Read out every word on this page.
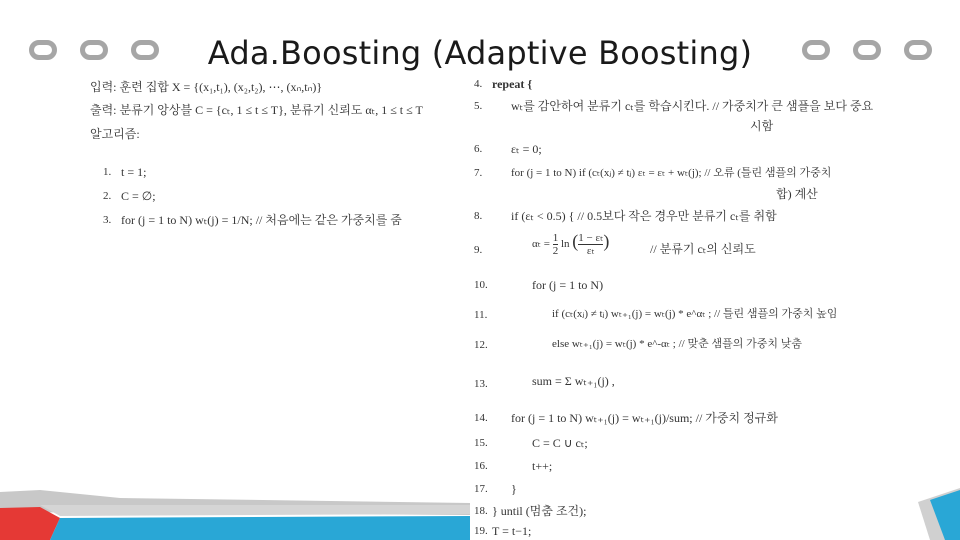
Ada.Boosting (Adaptive Boosting)
입력: 훈련 집합 X = {(x₁,t₁), (x₂,t₂), ⋯, (xₙ,tₙ)}
출력: 분류기 앙상블 C = {cₜ, 1 ≤ t ≤ T}, 분류기 신뢰도 αₜ, 1 ≤ t ≤ T
알고리즘:
1. t = 1;
2. C = ∅;
3. for (j = 1 to N) wₜ(j) = 1/N; // 처음에는 같은 가중치를 줌
4. repeat {
5. wₜ를 감안하여 분류기 cₜ를 학습시킨다. // 가중치가 큰 샘플을 보다 중요
시함
6. εₜ = 0;
7.	for (j = 1 to N) if (cₜ(xⱼ) ≠ tⱼ) εₜ = εₜ + wₜ(j); // 오류 (틀린 샘플의 가중치
합) 계산
8. if (εₜ < 0.5) { // 0.5보다 작은 경우만 분류기 cₜ를 취함
9.	$\alpha_t = \frac{1}{2}$ ln ( $\frac{\text{1 − εₜ}}{\text{εₜ}}$ )	// 분류기 cₜ의 신뢰도
10.	for (j = 1 to N)
11.	if (cₜ(xⱼ) ≠ tⱼ) wₜ₊₁(j) = wₜ(j) * e^αₜ ; // 틀린 샘플의 가중치 높임
12.	else wₜ₊₁(j) = wₜ(j) * e^-αₜ ; // 맞춘 샘플의 가중치 낮춤
13.	sum = Σ wₜ₊₁(j) ,
14. for (j = 1 to N) wₜ₊₁(j) = wₜ₊₁(j)/sum; // 가중치 정규화
15.	C = C ∪ cₜ;
16.	t++;
17. }
18. } until (멈춤 조건);
19. T = t−1;
